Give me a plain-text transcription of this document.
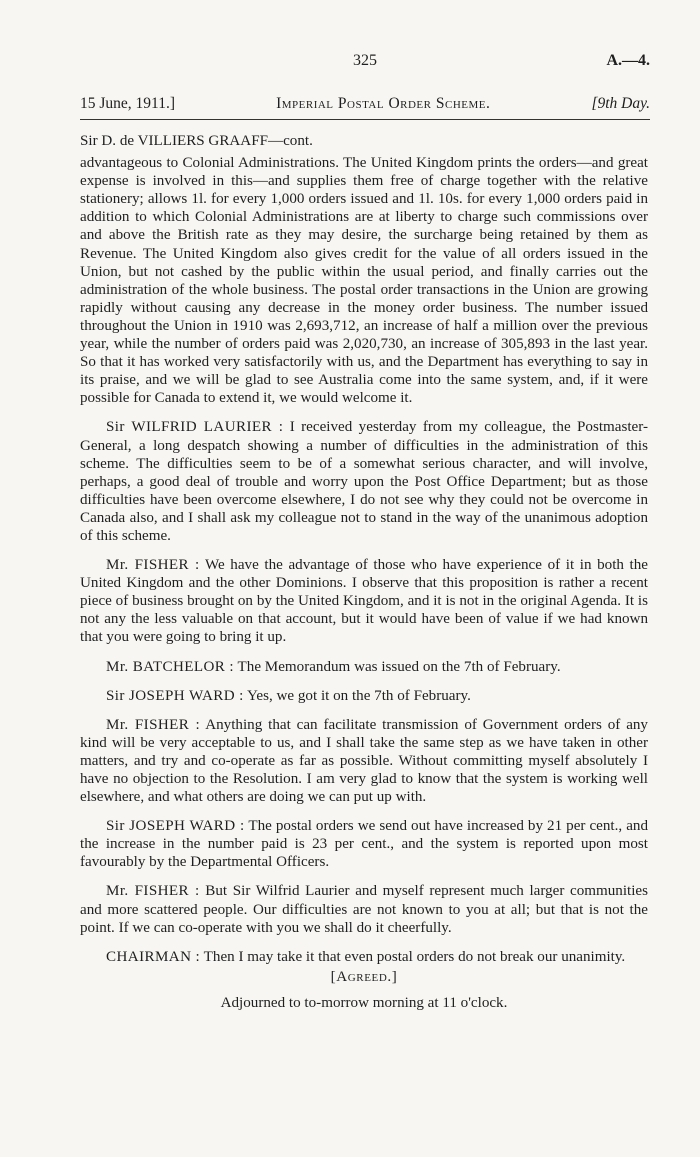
325	A.—4.
15 June, 1911.]	Imperial Postal Order Scheme.	[9th Day.

Sir D. de VILLIERS GRAAFF—cont.

advantageous to Colonial Administrations. The United Kingdom prints the orders—and great expense is involved in this—and supplies them free of charge together with the relative stationery; allows 1l. for every 1,000 orders issued and 1l. 10s. for every 1,000 orders paid in addition to which Colonial Administrations are at liberty to charge such commissions over and above the British rate as they may desire, the surcharge being retained by them as Revenue. The United Kingdom also gives credit for the value of all orders issued in the Union, but not cashed by the public within the usual period, and finally carries out the administration of the whole business. The postal order transactions in the Union are growing rapidly without causing any decrease in the money order business. The number issued throughout the Union in 1910 was 2,693,712, an increase of half a million over the previous year, while the number of orders paid was 2,020,730, an increase of 305,893 in the last year. So that it has worked very satisfactorily with us, and the Department has everything to say in its praise, and we will be glad to see Australia come into the same system, and, if it were possible for Canada to extend it, we would welcome it.

Sir WILFRID LAURIER : I received yesterday from my colleague, the Postmaster-General, a long despatch showing a number of difficulties in the administration of this scheme. The difficulties seem to be of a somewhat serious character, and will involve, perhaps, a good deal of trouble and worry upon the Post Office Department; but as those difficulties have been overcome elsewhere, I do not see why they could not be overcome in Canada also, and I shall ask my colleague not to stand in the way of the unanimous adoption of this scheme.

Mr. FISHER : We have the advantage of those who have experience of it in both the United Kingdom and the other Dominions. I observe that this proposition is rather a recent piece of business brought on by the United Kingdom, and it is not in the original Agenda. It is not any the less valuable on that account, but it would have been of value if we had known that you were going to bring it up.

Mr. BATCHELOR : The Memorandum was issued on the 7th of February.

Sir JOSEPH WARD : Yes, we got it on the 7th of February.

Mr. FISHER : Anything that can facilitate transmission of Government orders of any kind will be very acceptable to us, and I shall take the same step as we have taken in other matters, and try and co-operate as far as possible. Without committing myself absolutely I have no objection to the Resolution. I am very glad to know that the system is working well elsewhere, and what others are doing we can put up with.

Sir JOSEPH WARD : The postal orders we send out have increased by 21 per cent., and the increase in the number paid is 23 per cent., and the system is reported upon most favourably by the Departmental Officers.

Mr. FISHER : But Sir Wilfrid Laurier and myself represent much larger communities and more scattered people. Our difficulties are not known to you at all; but that is not the point. If we can co-operate with you we shall do it cheerfully.

CHAIRMAN : Then I may take it that even postal orders do not break our unanimity.

[Agreed.]
Adjourned to to-morrow morning at 11 o'clock.
